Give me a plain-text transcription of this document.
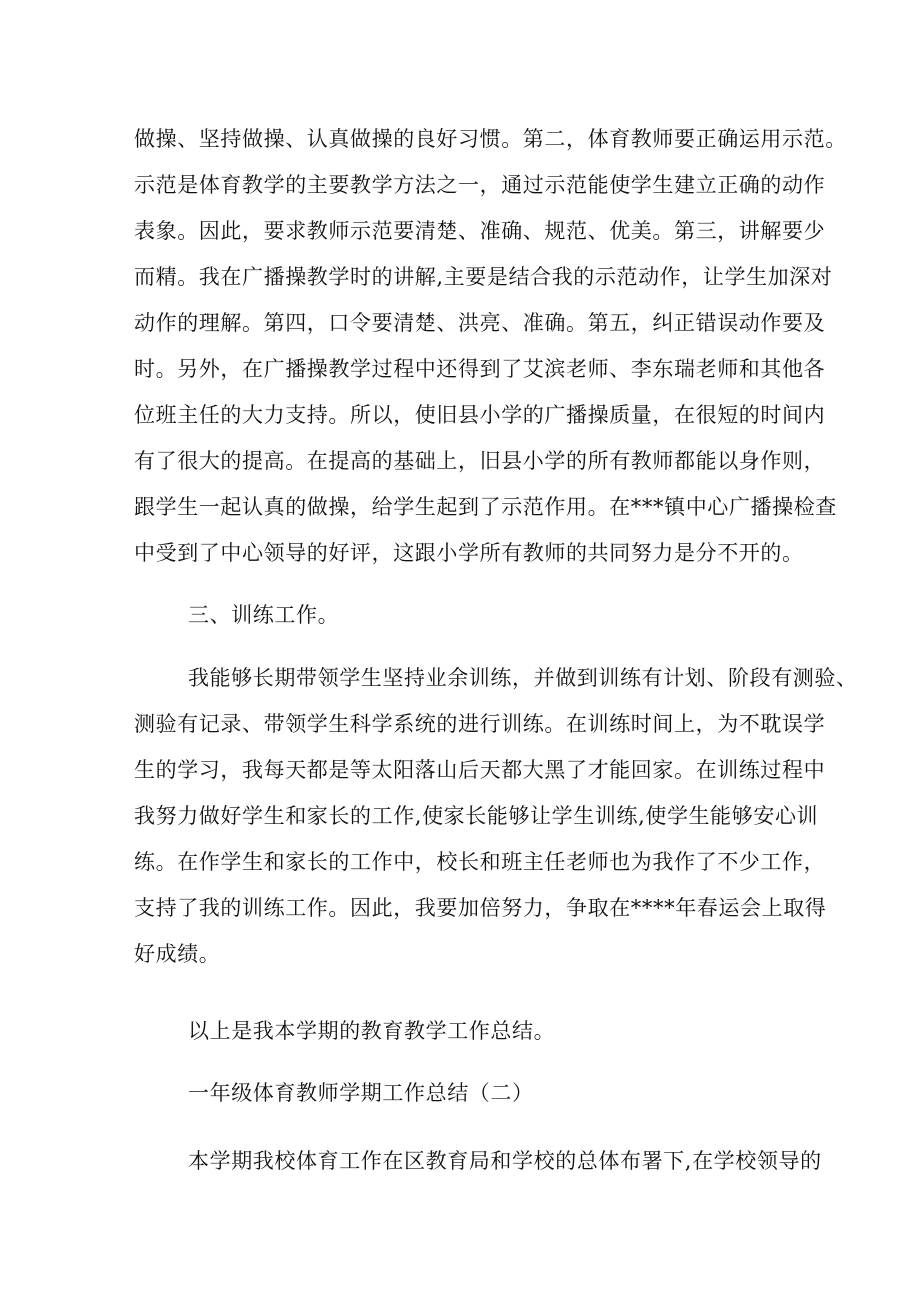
做操、坚持做操、认真做操的良好习惯。第二，体育教师要正确运用示范。
示范是体育教学的主要教学方法之一，通过示范能使学生建立正确的动作
表象。因此，要求教师示范要清楚、准确、规范、优美。第三，讲解要少
而精。我在广播操教学时的讲解,主要是结合我的示范动作，让学生加深对
动作的理解。第四，口令要清楚、洪亮、准确。第五，纠正错误动作要及
时。另外，在广播操教学过程中还得到了艾滨老师、李东瑞老师和其他各
位班主任的大力支持。所以，使旧县小学的广播操质量，在很短的时间内
有了很大的提高。在提高的基础上，旧县小学的所有教师都能以身作则，
跟学生一起认真的做操，给学生起到了示范作用。在***镇中心广播操检查
中受到了中心领导的好评，这跟小学所有教师的共同努力是分不开的。
三、训练工作。
我能够长期带领学生坚持业余训练，并做到训练有计划、阶段有测验、
测验有记录、带领学生科学系统的进行训练。在训练时间上，为不耽误学
生的学习，我每天都是等太阳落山后天都大黑了才能回家。在训练过程中
我努力做好学生和家长的工作,使家长能够让学生训练,使学生能够安心训
练。在作学生和家长的工作中，校长和班主任老师也为我作了不少工作，
支持了我的训练工作。因此，我要加倍努力，争取在****年春运会上取得
好成绩。
以上是我本学期的教育教学工作总结。
一年级体育教师学期工作总结（二）
本学期我校体育工作在区教育局和学校的总体布署下,在学校领导的
